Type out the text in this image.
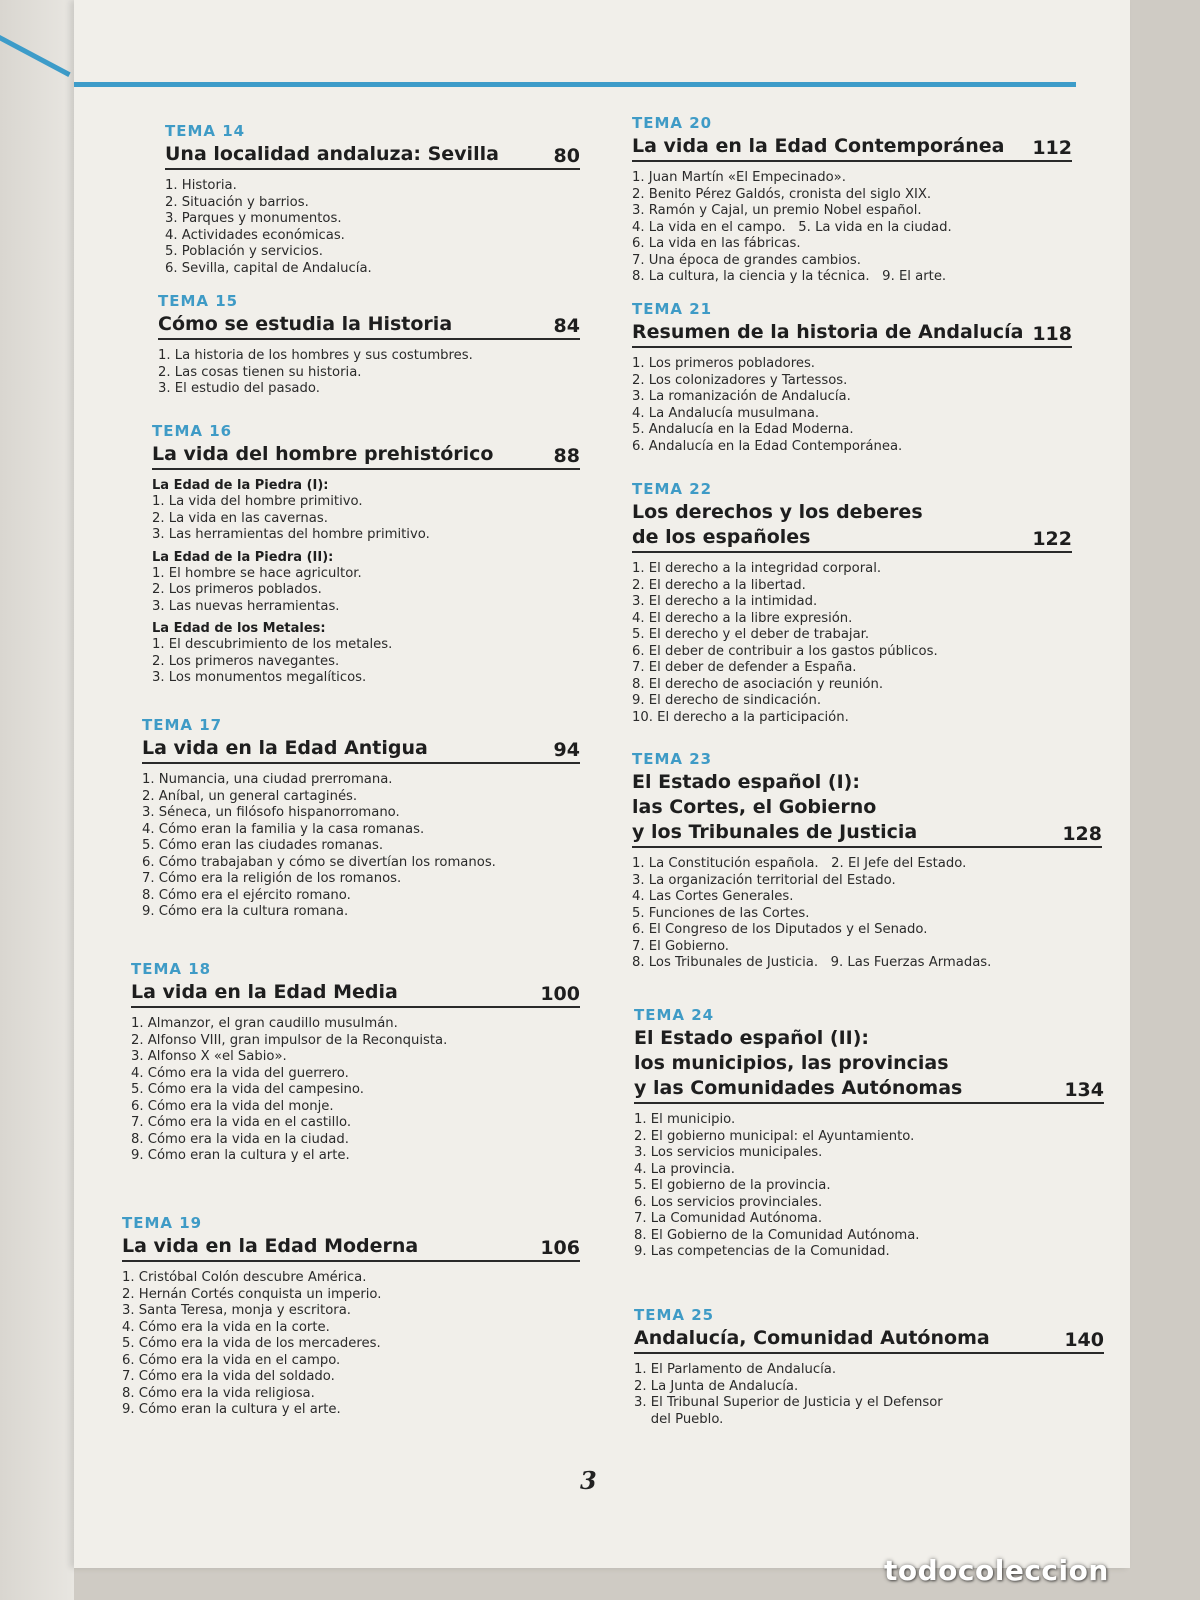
TEMA 14
Una localidad andaluza: Sevilla	80
1. Historia.
2. Situación y barrios.
3. Parques y monumentos.
4. Actividades económicas.
5. Población y servicios.
6. Sevilla, capital de Andalucía.
TEMA 15
Cómo se estudia la Historia	84
1. La historia de los hombres y sus costumbres.
2. Las cosas tienen su historia.
3. El estudio del pasado.
TEMA 16
La vida del hombre prehistórico	88
La Edad de la Piedra (I):
1. La vida del hombre primitivo.
2. La vida en las cavernas.
3. Las herramientas del hombre primitivo.
La Edad de la Piedra (II):
1. El hombre se hace agricultor.
2. Los primeros poblados.
3. Las nuevas herramientas.
La Edad de los Metales:
1. El descubrimiento de los metales.
2. Los primeros navegantes.
3. Los monumentos megalíticos.
TEMA 17
La vida en la Edad Antigua	94
1. Numancia, una ciudad prerromana.
2. Aníbal, un general cartaginés.
3. Séneca, un filósofo hispanorromano.
4. Cómo eran la familia y la casa romanas.
5. Cómo eran las ciudades romanas.
6. Cómo trabajaban y cómo se divertían los romanos.
7. Cómo era la religión de los romanos.
8. Cómo era el ejército romano.
9. Cómo era la cultura romana.
TEMA 18
La vida en la Edad Media	100
1. Almanzor, el gran caudillo musulmán.
2. Alfonso VIII, gran impulsor de la Reconquista.
3. Alfonso X «el Sabio».
4. Cómo era la vida del guerrero.
5. Cómo era la vida del campesino.
6. Cómo era la vida del monje.
7. Cómo era la vida en el castillo.
8. Cómo era la vida en la ciudad.
9. Cómo eran la cultura y el arte.
TEMA 19
La vida en la Edad Moderna	106
1. Cristóbal Colón descubre América.
2. Hernán Cortés conquista un imperio.
3. Santa Teresa, monja y escritora.
4. Cómo era la vida en la corte.
5. Cómo era la vida de los mercaderes.
6. Cómo era la vida en el campo.
7. Cómo era la vida del soldado.
8. Cómo era la vida religiosa.
9. Cómo eran la cultura y el arte.
TEMA 20
La vida en la Edad Contemporánea 112
1. Juan Martín «El Empecinado».
2. Benito Pérez Galdós, cronista del siglo XIX.
3. Ramón y Cajal, un premio Nobel español.
4. La vida en el campo.   5. La vida en la ciudad.
6. La vida en las fábricas.
7. Una época de grandes cambios.
8. La cultura, la ciencia y la técnica.   9. El arte.
TEMA 21
Resumen de la historia de Andalucía 118
1. Los primeros pobladores.
2. Los colonizadores y Tartessos.
3. La romanización de Andalucía.
4. La Andalucía musulmana.
5. Andalucía en la Edad Moderna.
6. Andalucía en la Edad Contemporánea.
TEMA 22
Los derechos y los deberes
de los españoles	122
1. El derecho a la integridad corporal.
2. El derecho a la libertad.
3. El derecho a la intimidad.
4. El derecho a la libre expresión.
5. El derecho y el deber de trabajar.
6. El deber de contribuir a los gastos públicos.
7. El deber de defender a España.
8. El derecho de asociación y reunión.
9. El derecho de sindicación.
10. El derecho a la participación.
TEMA 23
El Estado español (I):
las Cortes, el Gobierno
y los Tribunales de Justicia	128
1. La Constitución española.   2. El Jefe del Estado.
3. La organización territorial del Estado.
4. Las Cortes Generales.
5. Funciones de las Cortes.
6. El Congreso de los Diputados y el Senado.
7. El Gobierno.
8. Los Tribunales de Justicia.   9. Las Fuerzas Armadas.
TEMA 24
El Estado español (II):
los municipios, las provincias
y las Comunidades Autónomas	134
1. El municipio.
2. El gobierno municipal: el Ayuntamiento.
3. Los servicios municipales.
4. La provincia.
5. El gobierno de la provincia.
6. Los servicios provinciales.
7. La Comunidad Autónoma.
8. El Gobierno de la Comunidad Autónoma.
9. Las competencias de la Comunidad.
TEMA 25
Andalucía, Comunidad Autónoma	140
1. El Parlamento de Andalucía.
2. La Junta de Andalucía.
3. El Tribunal Superior de Justicia y el Defensor
del Pueblo.
3
todocoleccion
